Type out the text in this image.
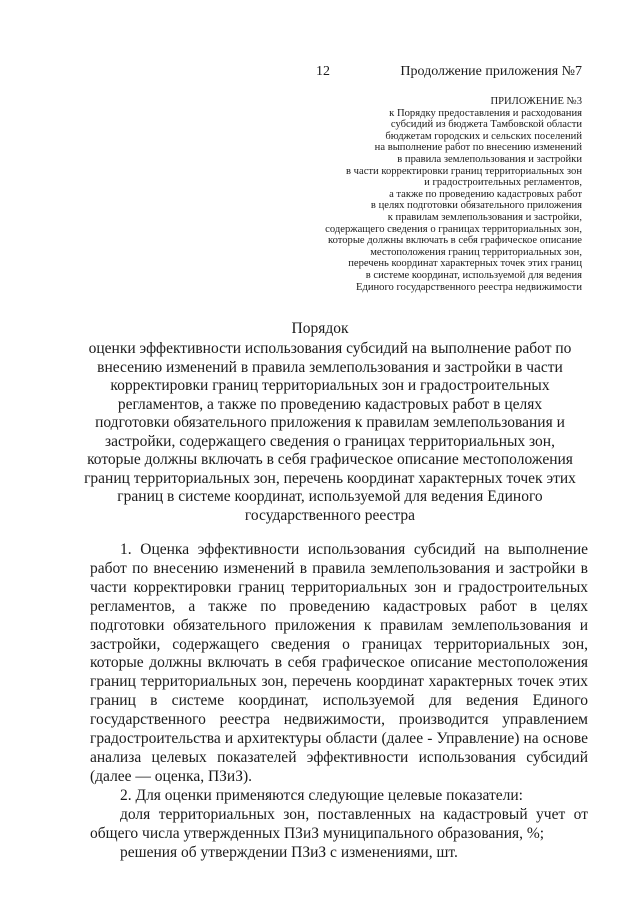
12	Продолжение приложения №7
ПРИЛОЖЕНИЕ №3
к Порядку предоставления и расходования
субсидий из бюджета Тамбовской области
бюджетам городских и сельских поселений
на выполнение работ по внесению изменений
в правила землепользования и застройки
в части корректировки границ территориальных зон
и градостроительных регламентов,
а также по проведению кадастровых работ
в целях подготовки обязательного приложения
к правилам землепользования и застройки,
содержащего сведения о границах территориальных зон,
которые должны включать в себя графическое описание
местоположения границ территориальных зон,
перечень координат характерных точек этих границ
в системе координат, используемой для ведения
Единого государственного реестра недвижимости
Порядок
оценки эффективности использования субсидий на выполнение работ по
внесению изменений в правила землепользования и застройки в части
корректировки границ территориальных зон и градостроительных
регламентов, а также по проведению кадастровых работ в целях
подготовки обязательного приложения к правилам землепользования и
застройки, содержащего сведения о границах территориальных зон,
которые должны включать в себя графическое описание местоположения
границ территориальных зон, перечень координат характерных точек этих
границ в системе координат, используемой для ведения Единого
государственного реестра
1. Оценка эффективности использования субсидий на выполнение
работ по внесению изменений в правила землепользования и застройки в
части корректировки границ территориальных зон и градостроительных
регламентов, а также по проведению кадастровых работ в целях
подготовки обязательного приложения к правилам землепользования и
застройки, содержащего сведения о границах территориальных зон,
которые должны включать в себя графическое описание местоположения
границ территориальных зон, перечень координат характерных точек этих
границ в системе координат, используемой для ведения Единого
государственного реестра недвижимости, производится управлением
градостроительства и архитектуры области (далее - Управление) на основе
анализа целевых показателей эффективности использования субсидий
(далее — оценка, ПЗиЗ).
2. Для оценки применяются следующие целевые показатели:
доля территориальных зон, поставленных на кадастровый учет от
общего числа утвержденных ПЗиЗ муниципального образования, %;
решения об утверждении ПЗиЗ с изменениями, шт.
